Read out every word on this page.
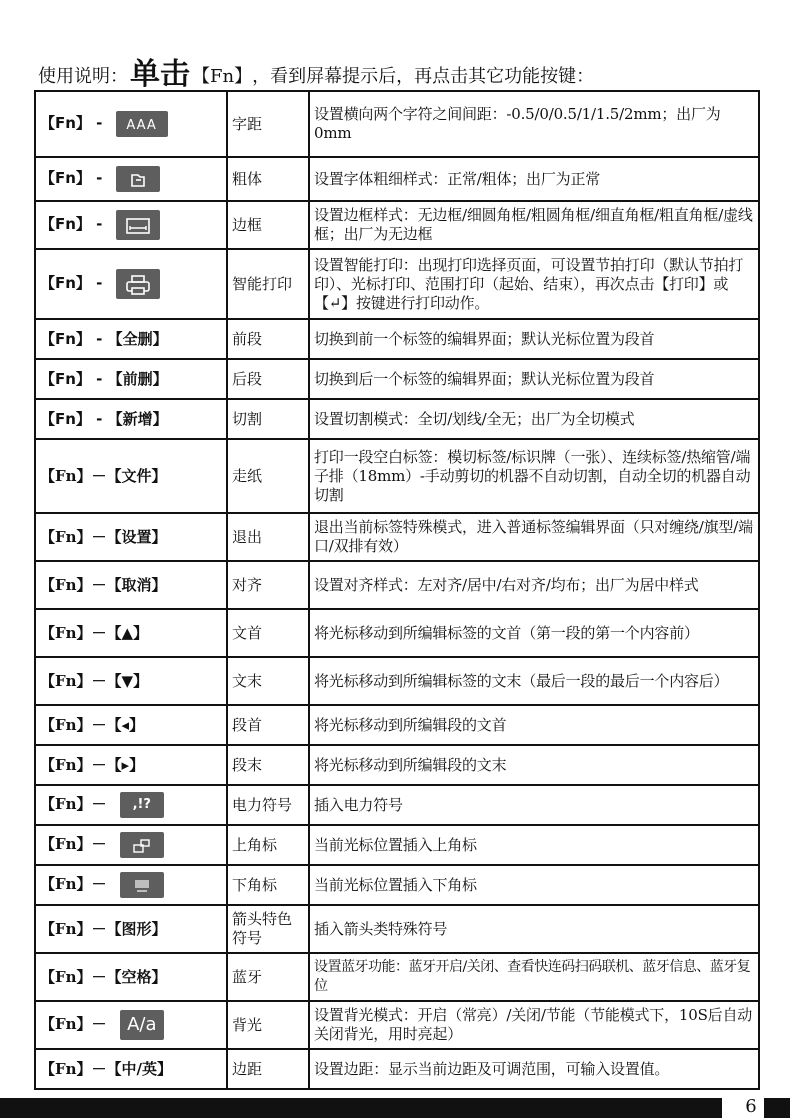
使用说明： 单击 【Fn】 ，看到屏幕提示后，再点击其它功能按键：
【Fn】 - AAA	字距	设置横向两个字符之间间距：-0.5/0/0.5/1/1.5/2mm；出厂为0mm
【Fn】 -	粗体	设置字体粗细样式：正常/粗体；出厂为正常
【Fn】 -	边框	设置边框样式：无边框/细圆角框/粗圆角框/细直角框/粗直角框/虚线框；出厂为无边框
【Fn】 -	智能打印	设置智能打印：出现打印选择页面，可设置节拍打印（默认节拍打印）、光标打印、范围打印（起始、结束），再次点击【打印】或【↵】按键进行打印动作。
【Fn】 - 【全删】	前段	切换到前一个标签的编辑界面；默认光标位置为段首
【Fn】 - 【前删】	后段	切换到后一个标签的编辑界面；默认光标位置为段首
【Fn】 - 【新增】	切割	设置切割模式：全切/划线/全无；出厂为全切模式
【Fn】－【文件】	走纸	打印一段空白标签：模切标签/标识牌（一张）、连续标签/热缩管/端子排（18mm）-手动剪切的机器不自动切割，自动全切的机器自动切割
【Fn】－【设置】	退出	退出当前标签特殊模式，进入普通标签编辑界面（只对缠绕/旗型/端口/双排有效）
【Fn】－【取消】	对齐	设置对齐样式：左对齐/居中/右对齐/均布；出厂为居中样式
【Fn】－【▲】	文首	将光标移动到所编辑标签的文首（第一段的第一个内容前）
【Fn】－【▼】	文末	将光标移动到所编辑标签的文末（最后一段的最后一个内容后）
【Fn】－【◂】	段首	将光标移动到所编辑段的文首
【Fn】－【▸】	段末	将光标移动到所编辑段的文末
【Fn】－ ,!?	电力符号	插入电力符号
【Fn】－	上角标	当前光标位置插入上角标
【Fn】－	下角标	当前光标位置插入下角标
【Fn】－【图形】	箭头特色符号	插入箭头类特殊符号
【Fn】－【空格】	蓝牙	设置蓝牙功能：蓝牙开启/关闭、查看快连码扫码联机、蓝牙信息、蓝牙复位
【Fn】－ A/a	背光	设置背光模式：开启（常亮）/关闭/节能（节能模式下，10S后自动关闭背光，用时亮起）
【Fn】－【中/英】	边距	设置边距：显示当前边距及可调范围，可输入设置值。
6
